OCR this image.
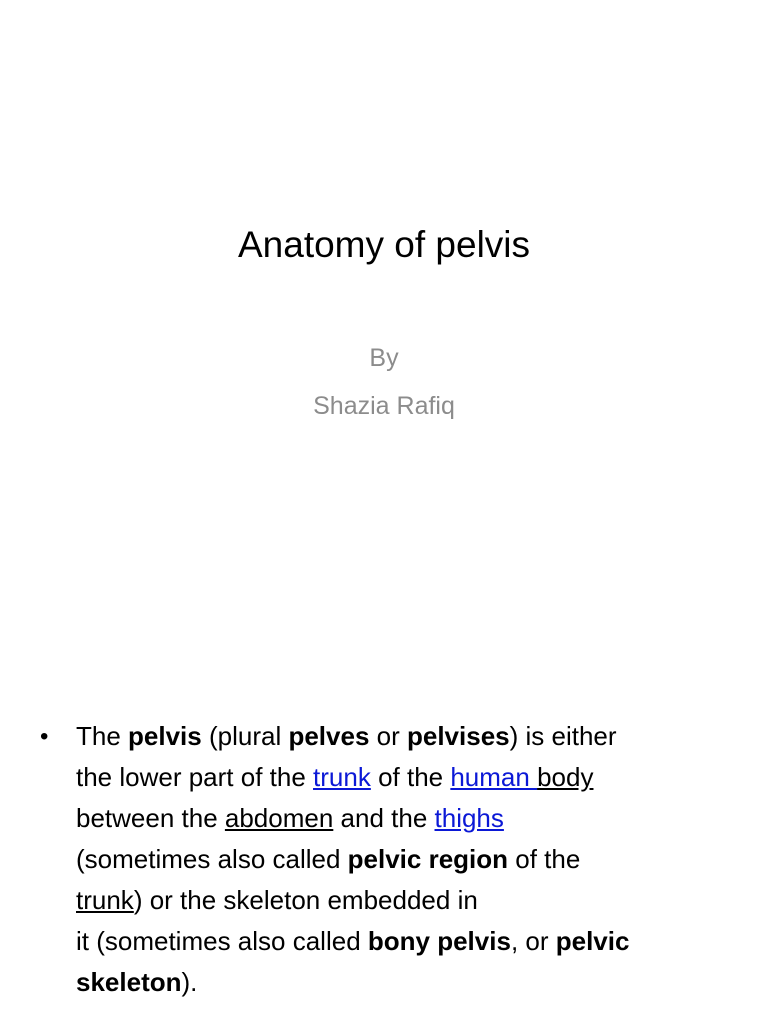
Anatomy of pelvis
By
Shazia Rafiq
•	The pelvis (plural pelves or pelvises) is either
the lower part of the trunk of the human body
between the abdomen and the thighs
(sometimes also called pelvic region of the
trunk) or the skeleton embedded in
it (sometimes also called bony pelvis, or pelvic
skeleton).
